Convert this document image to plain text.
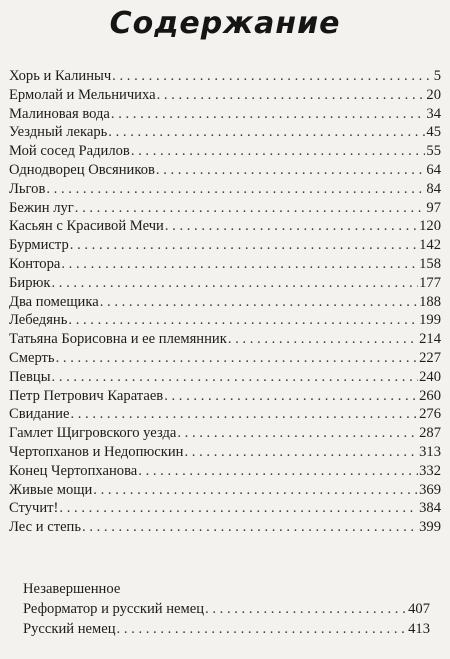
Содержание
Хорь и Калиныч . . .	5
Ермолай и Мельничиха . . .	20
Малиновая вода . . .	34
Уездный лекарь . . .	45
Мой сосед Радилов . . .	55
Однодворец Овсяников . . .	64
Льгов . . .	84
Бежин луг . . .	97
Касьян с Красивой Мечи . . .	120
Бурмистр . . .	142
Контора . . .	158
Бирюк . . .	177
Два помещика . . .	188
Лебедянь . . .	199
Татьяна Борисовна и ее племянник . . .	214
Смерть . . .	227
Певцы . . .	240
Петр Петрович Каратаев . . .	260
Свидание . . .	276
Гамлет Щигровского уезда . . .	287
Чертопханов и Недопюскин . . .	313
Конец Чертопханова . . .	332
Живые мощи . . .	369
Стучит! . . .	384
Лес и степь . . .	399
Незавершенное
Реформатор и русский немец . . .	407
Русский немец . . .	413
